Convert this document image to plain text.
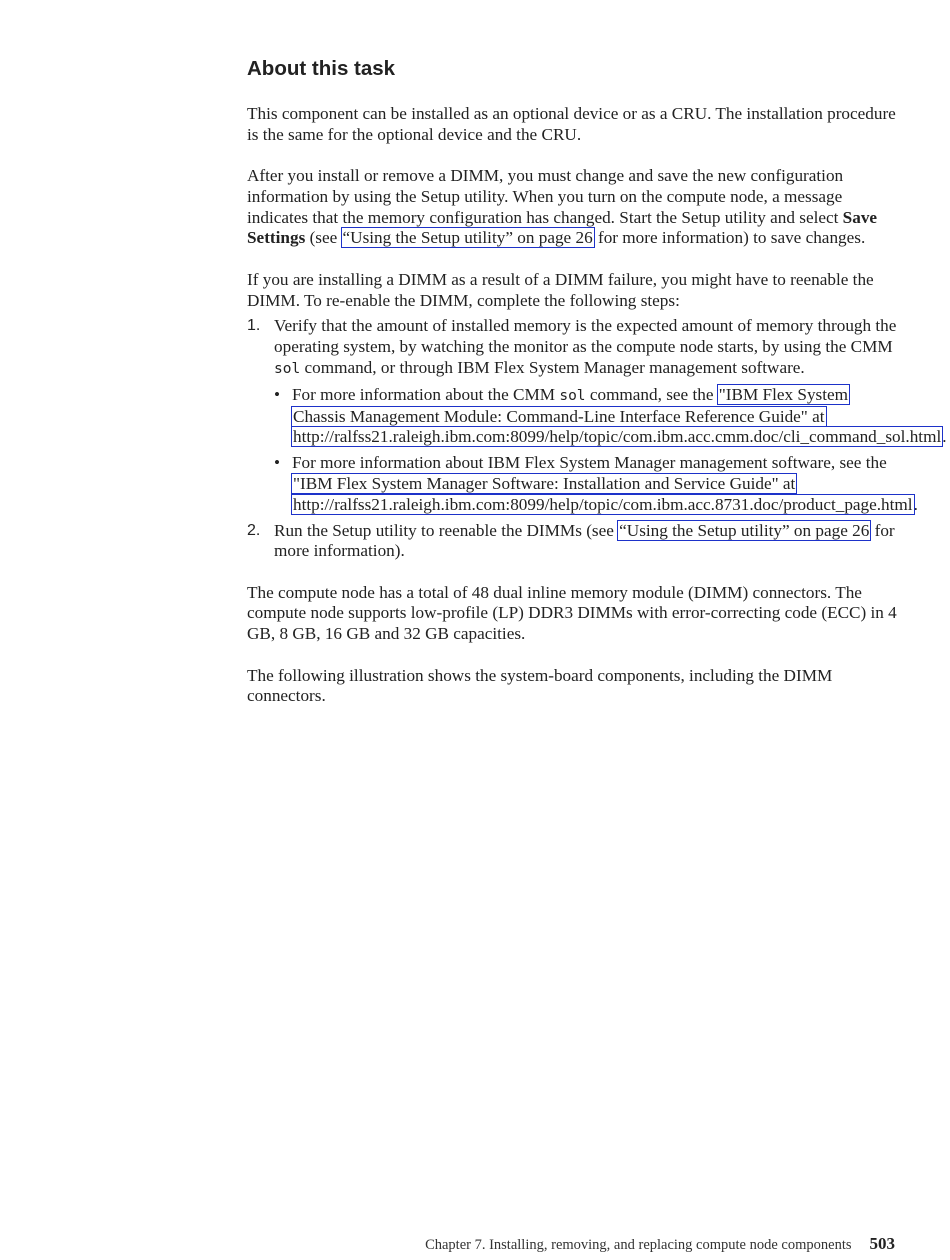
About this task

This component can be installed as an optional device or as a CRU. The installation procedure is the same for the optional device and the CRU.

After you install or remove a DIMM, you must change and save the new configuration information by using the Setup utility. When you turn on the compute node, a message indicates that the memory configuration has changed. Start the Setup utility and select Save Settings (see “Using the Setup utility” on page 26 for more information) to save changes.

If you are installing a DIMM as a result of a DIMM failure, you might have to reenable the DIMM. To re-enable the DIMM, complete the following steps:

1. Verify that the amount of installed memory is the expected amount of memory through the operating system, by watching the monitor as the compute node starts, by using the CMM sol command, or through IBM Flex System Manager management software.
• For more information about the CMM sol command, see the "IBM Flex System Chassis Management Module: Command-Line Interface Reference Guide" at http://ralfss21.raleigh.ibm.com:8099/help/topic/com.ibm.acc.cmm.doc/cli_command_sol.html.
• For more information about IBM Flex System Manager management software, see the "IBM Flex System Manager Software: Installation and Service Guide" at http://ralfss21.raleigh.ibm.com:8099/help/topic/com.ibm.acc.8731.doc/product_page.html.
2. Run the Setup utility to reenable the DIMMs (see “Using the Setup utility” on page 26 for more information).

The compute node has a total of 48 dual inline memory module (DIMM) connectors. The compute node supports low-profile (LP) DDR3 DIMMs with error-correcting code (ECC) in 4 GB, 8 GB, 16 GB and 32 GB capacities.

The following illustration shows the system-board components, including the DIMM connectors.

Chapter 7. Installing, removing, and replacing compute node components 503
